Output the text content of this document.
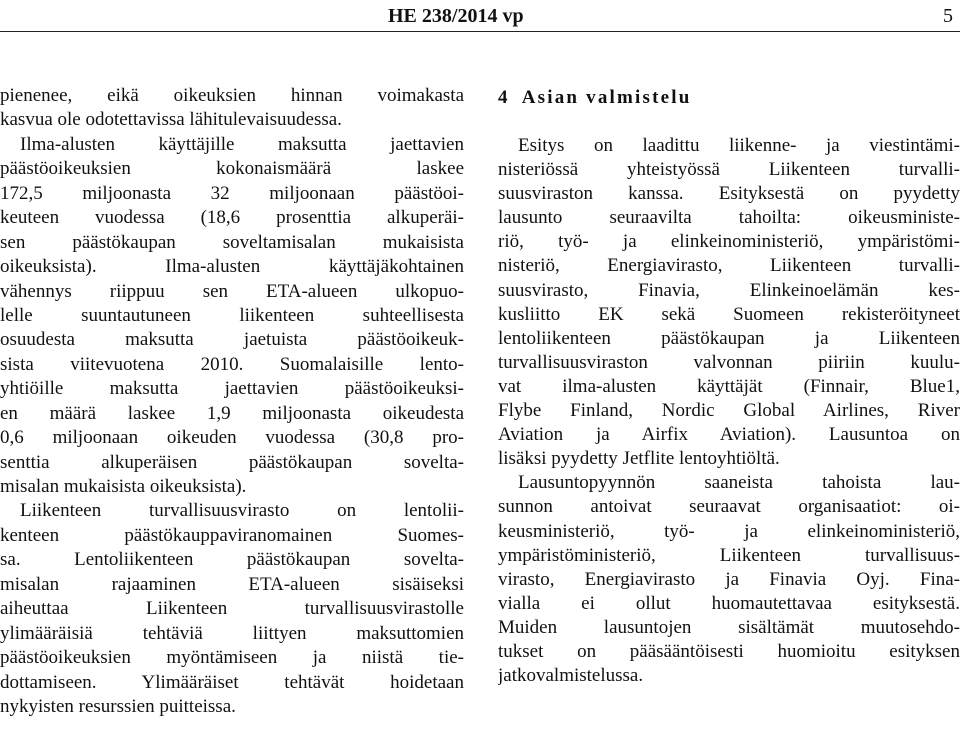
HE 238/2014 vp	5
pienenee, eikä oikeuksien hinnan voimakasta
kasvua ole odotettavissa lähitulevaisuudessa.
Ilma-alusten käyttäjille maksutta jaettavien
päästöoikeuksien kokonaismäärä laskee
172,5 miljoonasta 32 miljoonaan päästöoi-
keuteen vuodessa (18,6 prosenttia alkuperäi-
sen päästökaupan soveltamisalan mukaisista
oikeuksista). Ilma-alusten käyttäjäkohtainen
vähennys riippuu sen ETA-alueen ulkopuo-
lelle suuntautuneen liikenteen suhteellisesta
osuudesta maksutta jaetuista päästöoikeuk-
sista viitevuotena 2010. Suomalaisille lento-
yhtiöille maksutta jaettavien päästöoikeuksi-
en määrä laskee 1,9 miljoonasta oikeudesta
0,6 miljoonaan oikeuden vuodessa (30,8 pro-
senttia alkuperäisen päästökaupan sovelta-
misalan mukaisista oikeuksista).
Liikenteen turvallisuusvirasto on lentolii-
kenteen päästökauppaviranomainen Suomes-
sa. Lentoliikenteen päästökaupan sovelta-
misalan rajaaminen ETA-alueen sisäiseksi
aiheuttaa Liikenteen turvallisuusvirastolle
ylimääräisiä tehtäviä liittyen maksuttomien
päästöoikeuksien myöntämiseen ja niistä tie-
dottamiseen. Ylimääräiset tehtävät hoidetaan
nykyisten resurssien puitteissa.
4 Asian valmistelu
Esitys on laadittu liikenne- ja viestintämi-
nisteriössä yhteistyössä Liikenteen turvalli-
suusviraston kanssa. Esityksestä on pyydetty
lausunto seuraavilta tahoilta: oikeusministe-
riö, työ- ja elinkeinoministeriö, ympäristömi-
nisteriö, Energiavirasto, Liikenteen turvalli-
suusvirasto, Finavia, Elinkeinoelämän kes-
kusliitto EK sekä Suomeen rekisteröityneet
lentoliikenteen päästökaupan ja Liikenteen
turvallisuusviraston valvonnan piiriin kuulu-
vat ilma-alusten käyttäjät (Finnair, Blue1,
Flybe Finland, Nordic Global Airlines, River
Aviation ja Airfix Aviation). Lausuntoa on
lisäksi pyydetty Jetflite lentoyhtiöltä.
Lausuntopyynnön saaneista tahoista lau-
sunnon antoivat seuraavat organisaatiot: oi-
keusministeriö, työ- ja elinkeinoministeriö,
ympäristöministeriö, Liikenteen turvallisuus-
virasto, Energiavirasto ja Finavia Oyj. Fina-
vialla ei ollut huomautettavaa esityksestä.
Muiden lausuntojen sisältämät muutosehdo-
tukset on pääsääntöisesti huomioitu esityksen
jatkovalmistelussa.
